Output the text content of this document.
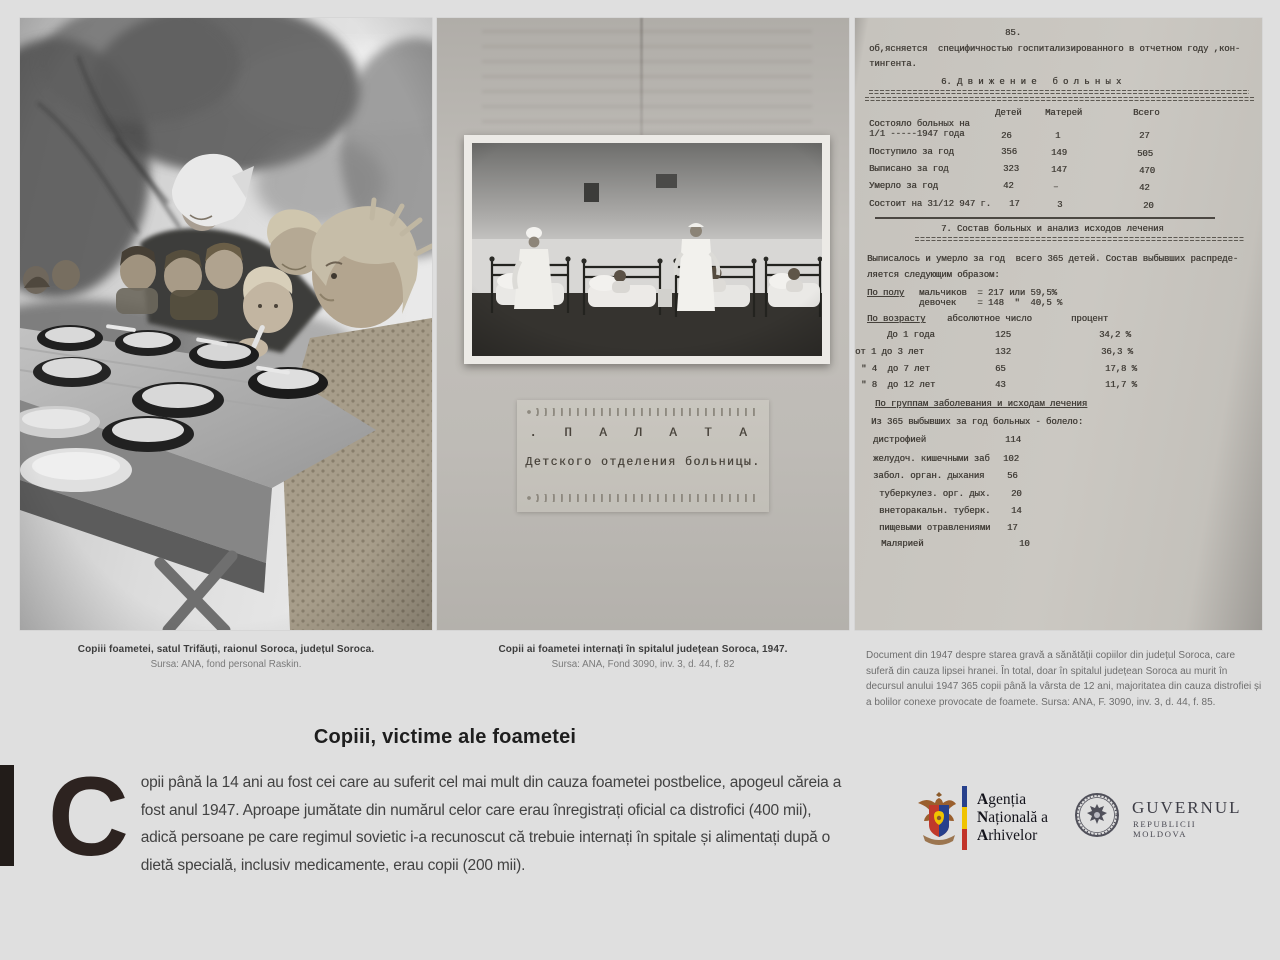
. П А Л А Т А
Детского отделения больницы.
85.
об,ясняется  специфичностью госпитализированного в отчетном году ,кон-
тингента.
6. Д в и ж е н и е   б о л ь н ы х
Детей	Матерей	Всего
Состояло больных на
1/1 -----1947 года	26	1	27
Поступило за год	356	149	505
Выписано за год	323	147	470
Умерло за год	42	–	42
Состоит на 31/12 947 г. 17	3	20
7. Состав больных и анализ исходов лечения
Выписалось и умерло за год  всего 365 детей. Состав выбывших распреде-
ляется следующим образом:
По полу мальчиков  = 217 или 59,5%
девочек    = 148  "  40,5 %
По возрасту абсолютное число	процент
До 1 года	125	34,2 %
от 1 до 3 лет	132	36,3 %
" 4  до 7 лет	65	17,8 %
" 8  до 12 лет	43	11,7 %
По группам заболевания и исходам лечения
Из 365 выбывших за год больных - болело:
дистрофией	114
желудоч. кишечными заб 102
забол. орган. дыхания	56
туберкулез. орг. дых. 20
внеторакальн. туберк. 14
пищевыми отравлениями 17
Малярией	10
Copiii foametei, satul Trifăuți, raionul Soroca, județul Soroca.
Sursa: ANA, fond personal Raskin.
Copii ai foametei internați în spitalul județean Soroca, 1947.
Sursa: ANA, Fond 3090, inv. 3, d. 44, f. 82
Document din 1947 despre starea gravă a sănătății copiilor din județul Soroca, care suferă din cauza lipsei hranei. În total, doar în spitalul județean Soroca au murit în decursul anului 1947 365 copii până la vârsta de 12 ani, majoritatea din cauza distrofiei și a bolilor conexe provocate de foamete. Sursa: ANA, F. 3090, inv. 3, d. 44, f. 85.
Copiii, victime ale foametei
Copii până la 14 ani au fost cei care au suferit cel mai mult din cauza foametei postbelice, apogeul căreia a fost anul 1947. Aproape jumătate din numărul celor care erau înregistrați oficial ca distrofici (400 mii), adică persoane pe care regimul sovietic i-a recunoscut că trebuie internați în spitale și alimentați după o dietă specială, inclusiv medicamente, erau copii (200 mii).
Agenția
Națională a
Arhivelor
GUVERNUL
REPUBLICII MOLDOVA
